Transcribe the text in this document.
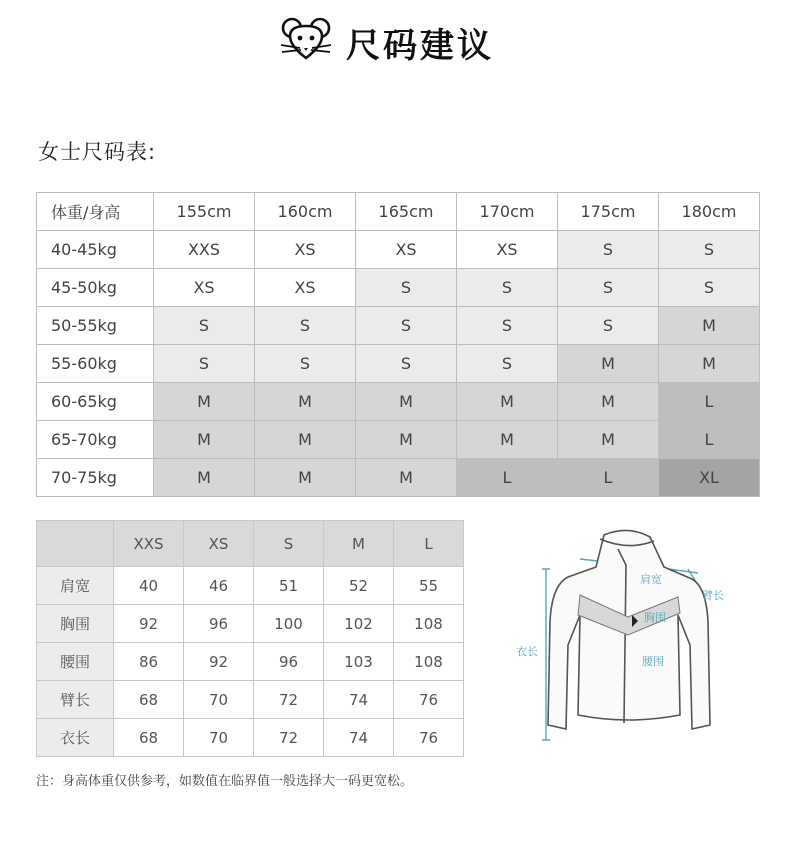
尺码建议
女士尺码表:
体重/身高	155cm	160cm	165cm	170cm	175cm	180cm
40-45kg	XXS	XS	XS	XS	S	S
45-50kg	XS	XS	S	S	S	S
50-55kg	S	S	S	S	S	M
55-60kg	S	S	S	S	M	M
60-65kg	M	M	M	M	M	L
65-70kg	M	M	M	M	M	L
70-75kg	M	M	M	L	L	XL
	XXS	XS	S	M	L
肩宽	40	46	51	52	55
胸围	92	96	100	102	108
腰围	86	92	96	103	108
臂长	68	70	72	74	76
衣长	68	70	72	74	76
肩宽
胸围
腰围
臂长
衣长
注：身高体重仅供参考，如数值在临界值一般选择大一码更宽松。
